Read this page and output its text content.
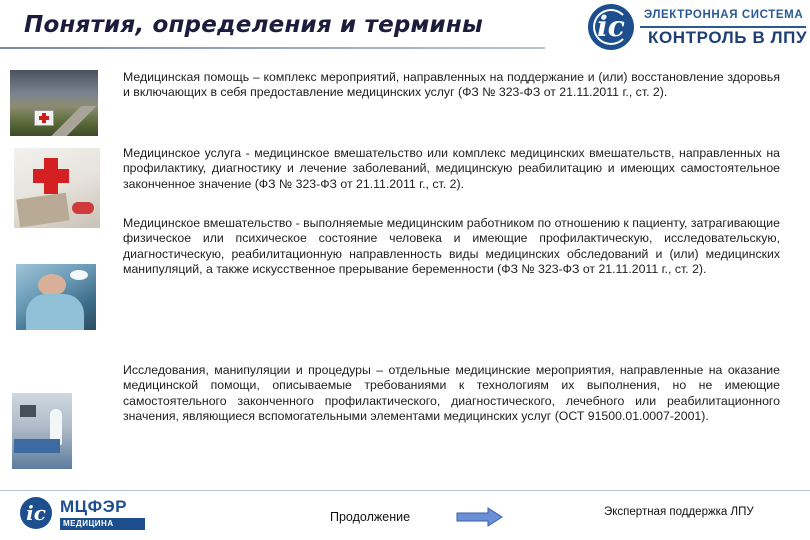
Понятия, определения и термины	ic	ЭЛЕКТРОННАЯ СИСТЕМА
КОНТРОЛЬ В ЛПУ
Медицинская помощь – комплекс мероприятий, направленных на поддержание и (или) восстановление здоровья и включающих в себя предоставление медицинских услуг (ФЗ № 323-ФЗ от 21.11.2011 г., ст. 2).
Медицинское услуга - медицинское вмешательство или комплекс медицинских вмешательств, направленных на профилактику, диагностику и лечение заболеваний, медицинскую реабилитацию и имеющих самостоятельное законченное значение (ФЗ № 323-ФЗ от 21.11.2011 г., ст. 2).
Медицинское вмешательство - выполняемые медицинским работником по отношению к пациенту, затрагивающие физическое или психическое состояние человека и имеющие профилактическую, исследовательскую, диагностическую, реабилитационную направленность виды медицинских обследований и (или) медицинских манипуляций, а также искусственное прерывание беременности (ФЗ № 323-ФЗ от 21.11.2011 г., ст. 2).
Исследования, манипуляции и процедуры – отдельные медицинские мероприятия, направленные на оказание медицинской помощи, описываемые требованиями к технологиям их выполнения, но не имеющие самостоятельного законченного профилактического, диагностического, лечебного или реабилитационного значения, являющиеся вспомогательными элементами медицинских услуг (ОСТ 91500.01.0007-2001).
ic МЦФЭР
МЕДИЦИНА	Продолжение	Экспертная поддержка ЛПУ
